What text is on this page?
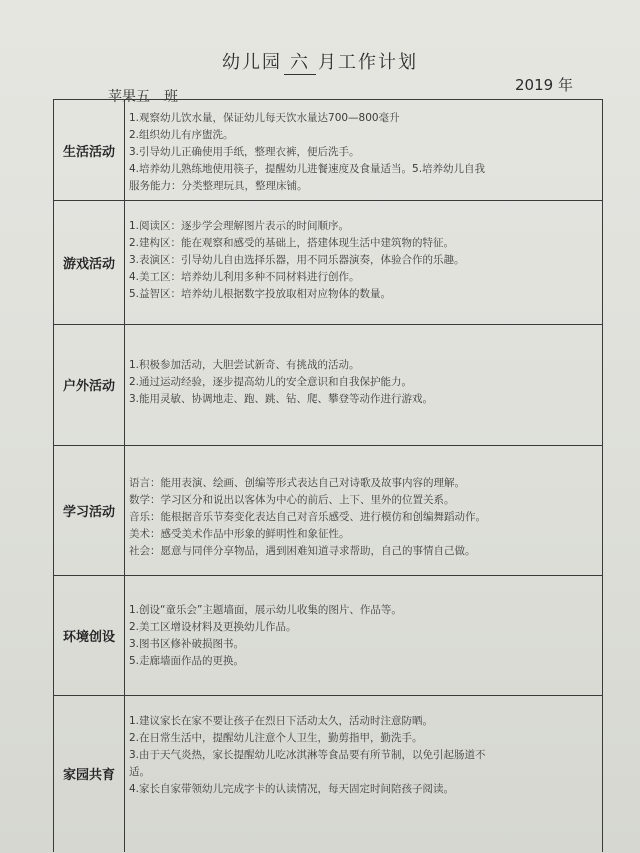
幼儿园 六 月工作计划
苹果五　班
2019 年
生活活动
1.观察幼儿饮水量，保证幼儿每天饮水量达700—800毫升
2.组织幼儿有序盥洗。
3.引导幼儿正确使用手纸，整理衣裤，便后洗手。
4.培养幼儿熟练地使用筷子，提醒幼儿进餐速度及食量适当。5.培养幼儿自我
服务能力：分类整理玩具，整理床铺。
游戏活动
1.阅读区：逐步学会理解图片表示的时间顺序。
2.建构区：能在观察和感受的基础上，搭建体现生活中建筑物的特征。
3.表演区：引导幼儿自由选择乐器，用不同乐器演奏，体验合作的乐趣。
4.美工区：培养幼儿利用多种不同材料进行创作。
5.益智区：培养幼儿根据数字投放取相对应物体的数量。
户外活动
1.积极参加活动，大胆尝试新奇、有挑战的活动。
2.通过运动经验，逐步提高幼儿的安全意识和自我保护能力。
3.能用灵敏、协调地走、跑、跳、钻、爬、攀登等动作进行游戏。
学习活动
语言：能用表演、绘画、创编等形式表达自己对诗歌及故事内容的理解。
数学：学习区分和说出以客体为中心的前后、上下、里外的位置关系。
音乐：能根据音乐节奏变化表达自己对音乐感受、进行模仿和创编舞蹈动作。
美术：感受美术作品中形象的鲜明性和象征性。
社会：愿意与同伴分享物品，遇到困难知道寻求帮助，自己的事情自己做。
环境创设
1.创设“童乐会”主题墙面，展示幼儿收集的图片、作品等。
2.美工区增设材料及更换幼儿作品。
3.图书区修补破损图书。
5.走廊墙面作品的更换。
家园共育
1.建议家长在家不要让孩子在烈日下活动太久，活动时注意防晒。
2.在日常生活中，提醒幼儿注意个人卫生，勤剪指甲，勤洗手。
3.由于天气炎热，家长提醒幼儿吃冰淇淋等食品要有所节制，以免引起肠道不
适。
4.家长自家带领幼儿完成字卡的认读情况，每天固定时间陪孩子阅读。
